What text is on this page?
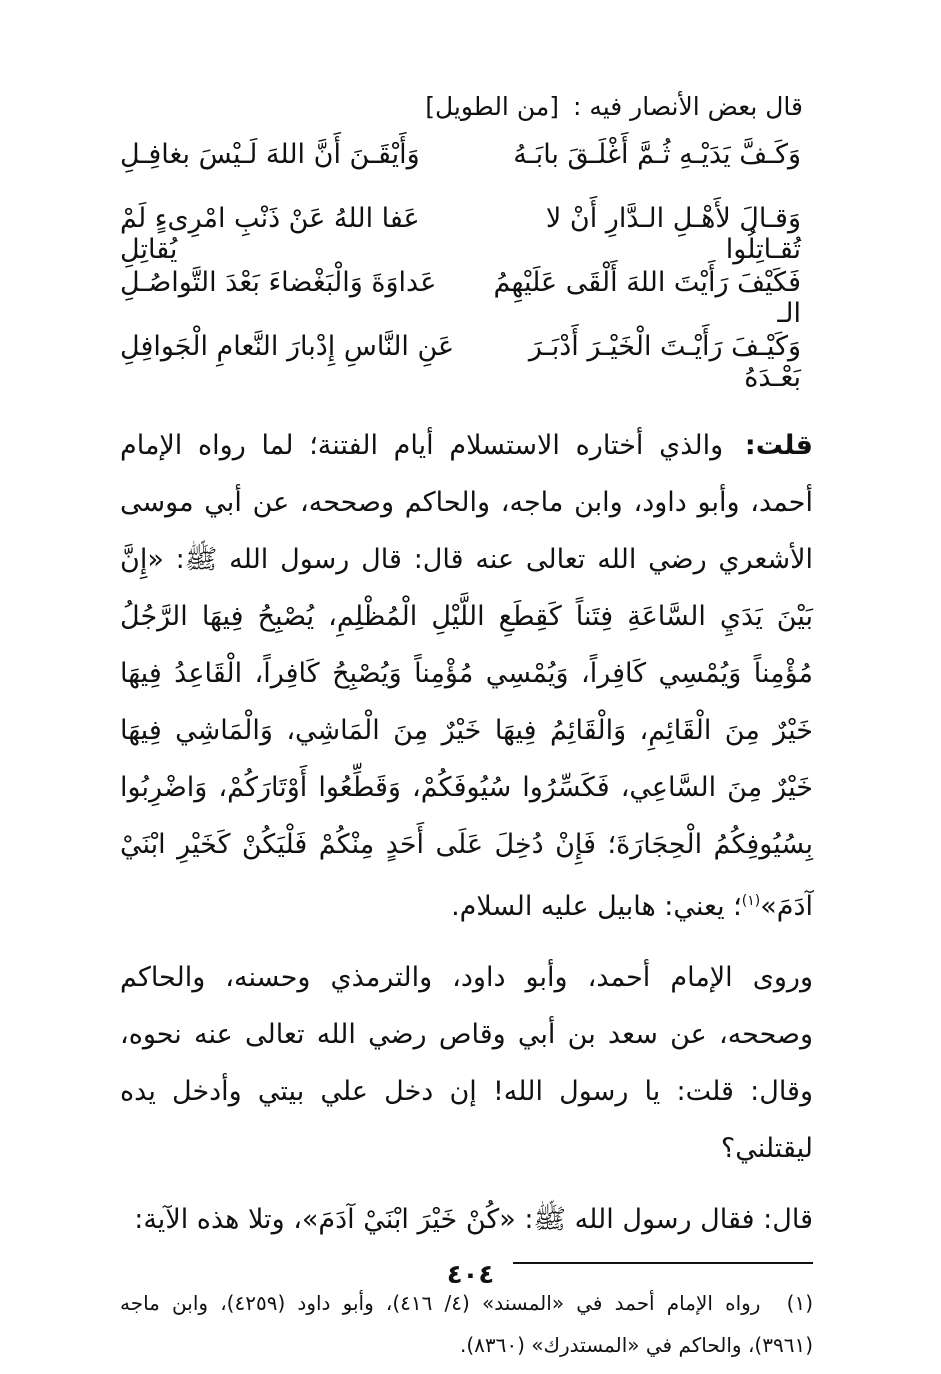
قال بعض الأنصار فيه : [من الطويل]
وَكَـفَّ يَدَيْـهِ ثُـمَّ أَغْلَـقَ بابَـهُ
وَأَيْقَـنَ أَنَّ اللهَ لَـيْسَ بغافِـلِ
وَقـالَ لأَهْـلِ الـدَّارِ أَنْ لا تُقـاتِلُوا
عَفا اللهُ عَنْ ذَنْبِ امْرِىءٍ لَمْ يُقاتِلِ
فَكَيْفَ رَأَيْتَ اللهَ أَلْقَى عَلَيْهِمُ الـ
عَداوَةَ وَالْبَغْضاءَ بَعْدَ التَّواصُـلِ
وَكَيْـفَ رَأَيْـتَ الْخَيْـرَ أَدْبَـرَ بَعْـدَهُ
عَنِ النَّاسِ إِدْبارَ النَّعامِ الْجَوافِلِ

قلت: والذي أختاره الاستسلام أيام الفتنة؛ لما رواه الإمام أحمد، وأبو داود، وابن ماجه، والحاكم وصححه، عن أبي موسى الأشعري رضي الله تعالى عنه قال: قال رسول الله ﷺ: «إِنَّ بَيْنَ يَدَيِ السَّاعَةِ فِتَناً كَقِطَعِ اللَّيْلِ الْمُظْلِمِ، يُصْبِحُ فِيهَا الرَّجُلُ مُؤْمِناً وَيُمْسِي كَافِراً، وَيُمْسِي مُؤْمِناً وَيُصْبِحُ كَافِراً، الْقَاعِدُ فِيهَا خَيْرٌ مِنَ الْقَائِمِ، وَالْقَائِمُ فِيهَا خَيْرٌ مِنَ الْمَاشِي، وَالْمَاشِي فِيهَا خَيْرٌ مِنَ السَّاعِي، فَكَسِّرُوا سُيُوفَكُمْ، وَقَطِّعُوا أَوْتَارَكُمْ، وَاضْرِبُوا بِسُيُوفِكُمُ الْحِجَارَةَ؛ فَإِنْ دُخِلَ عَلَى أَحَدٍ مِنْكُمْ فَلْيَكُنْ كَخَيْرِ ابْنَيْ آدَمَ»$^{(١)}$؛ يعني: هابيل عليه السلام.

وروى الإمام أحمد، وأبو داود، والترمذي وحسنه، والحاكم وصححه، عن سعد بن أبي وقاص رضي الله تعالى عنه نحوه، وقال: قلت: يا رسول الله! إن دخل علي بيتي وأدخل يده ليقتلني؟

قال: فقال رسول الله ﷺ: «كُنْ خَيْرَ ابْنَيْ آدَمَ»، وتلا هذه الآية:

(١) رواه الإمام أحمد في «المسند» (٤/ ٤١٦)، وأبو داود (٤٢٥٩)، وابن ماجه (٣٩٦١)، والحاكم في «المستدرك» (٨٣٦٠).
٤٠٤
